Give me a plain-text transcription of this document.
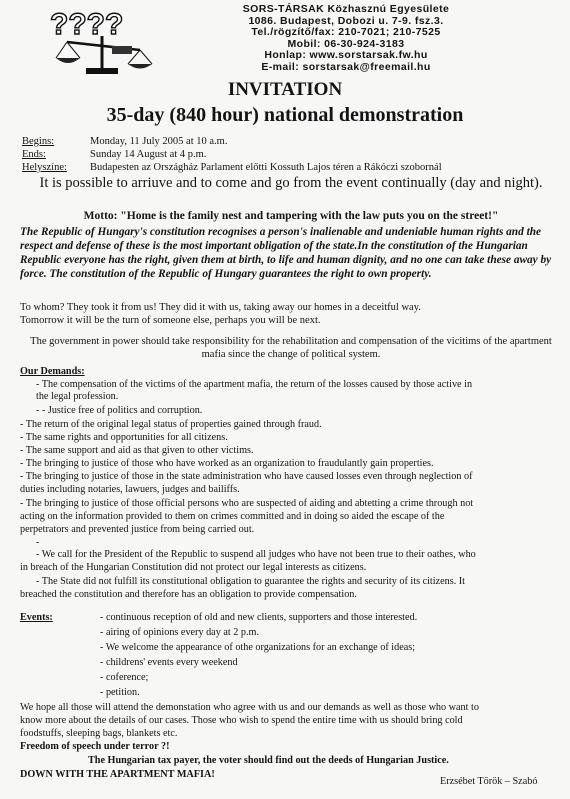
????	SORS-TÁRSAK Közhasznú Egyesülete
1086. Budapest, Dobozi u. 7-9. fsz.3.
Tel./rögzítő/fax: 210-7021; 210-7525
Mobil: 06-30-924-3183
Honlap: www.sorstarsak.fw.hu
E-mail: sorstarsak@freemail.hu
INVITATION
35-day (840 hour) national demonstration
Begins:	Monday, 11 July 2005 at 10 a.m.
Ends:	Sunday 14 August at 4 p.m.
Helyszíne: Budapesten az Országház Parlament előtti Kossuth Lajos téren a Rákóczi szobornál
It is possible to arriuve and to come and go from the event continually (day and night).
Motto: "Home is the family nest and tampering with the law puts you on the street!"
The Republic of Hungary's constitution recognises a person's inalienable and undeniable human rights and the respect and defense of these is the most important obligation of the state.In the constitution of the Hungarian Republic everyone has the right, given them at birth, to life and human dignity, and no one can take these away by force. The constitution of the Republic of Hungary guarantees the right to own property.
To whom? They took it from us! They did it with us, taking away our homes in a deceitful way.
Tomorrow it will be the turn of someone else, perhaps you will be next.
The government in power should take responsibility for the rehabilitation and compensation of the vicitims of the apartment mafia since the change of political system.
Our Demands:
- The compensation of the victims of the apartment mafia, the return of the losses caused by those active in
the legal profession.
- - Justice free of politics and corruption.
- The return of the original legal status of properties gained through fraud.
- The same rights and opportunities for all citizens.
- The same support and aid as that given to other victims.
- The bringing to justice of those who have worked as an organization to fraudulantly gain properties.
- The bringing to justice of those in the state administration who have caused losses even through neglection of
duties including notaries, lawuers, judges and bailiffs.
- The bringing to justice of those official persons who are suspected of aiding and abtetting a crime through not
acting on the information provided to them on crimes committed and in doing so aided the escape of the
perpetrators and prevented justice from being carried out.
-
- We call for the President of the Republic to suspend all judges who have not been true to their oathes, who
in breach of the Hungarian Constitution did not protect our legal interests as citizens.
- The State did not fulfill its constitutional obligation to guarantee the rights and security of its citizens. It
breached the constitution and therefore has an obligation to provide compensation.
Events:	- continuous reception of old and new clients, supporters and those interested.
- airing of opinions every day at 2 p.m.
- We welcome the appearance of othe organizations for an exchange of ideas;
- childrens' events every weekend
- coference;
- petition.
We hope all those will attend the demonstation who agree with us and our demands as well as those who want to
know more about the details of our cases. Those who wish to spend the entire time with us should bring cold
foodstuffs, sleeping bags, blankets etc.
Freedom of speech under terror ?!
The Hungarian tax payer, the voter should find out the deeds of Hungarian Justice.
DOWN WITH THE APARTMENT MAFIA!
Erzsébet Török – Szabó
